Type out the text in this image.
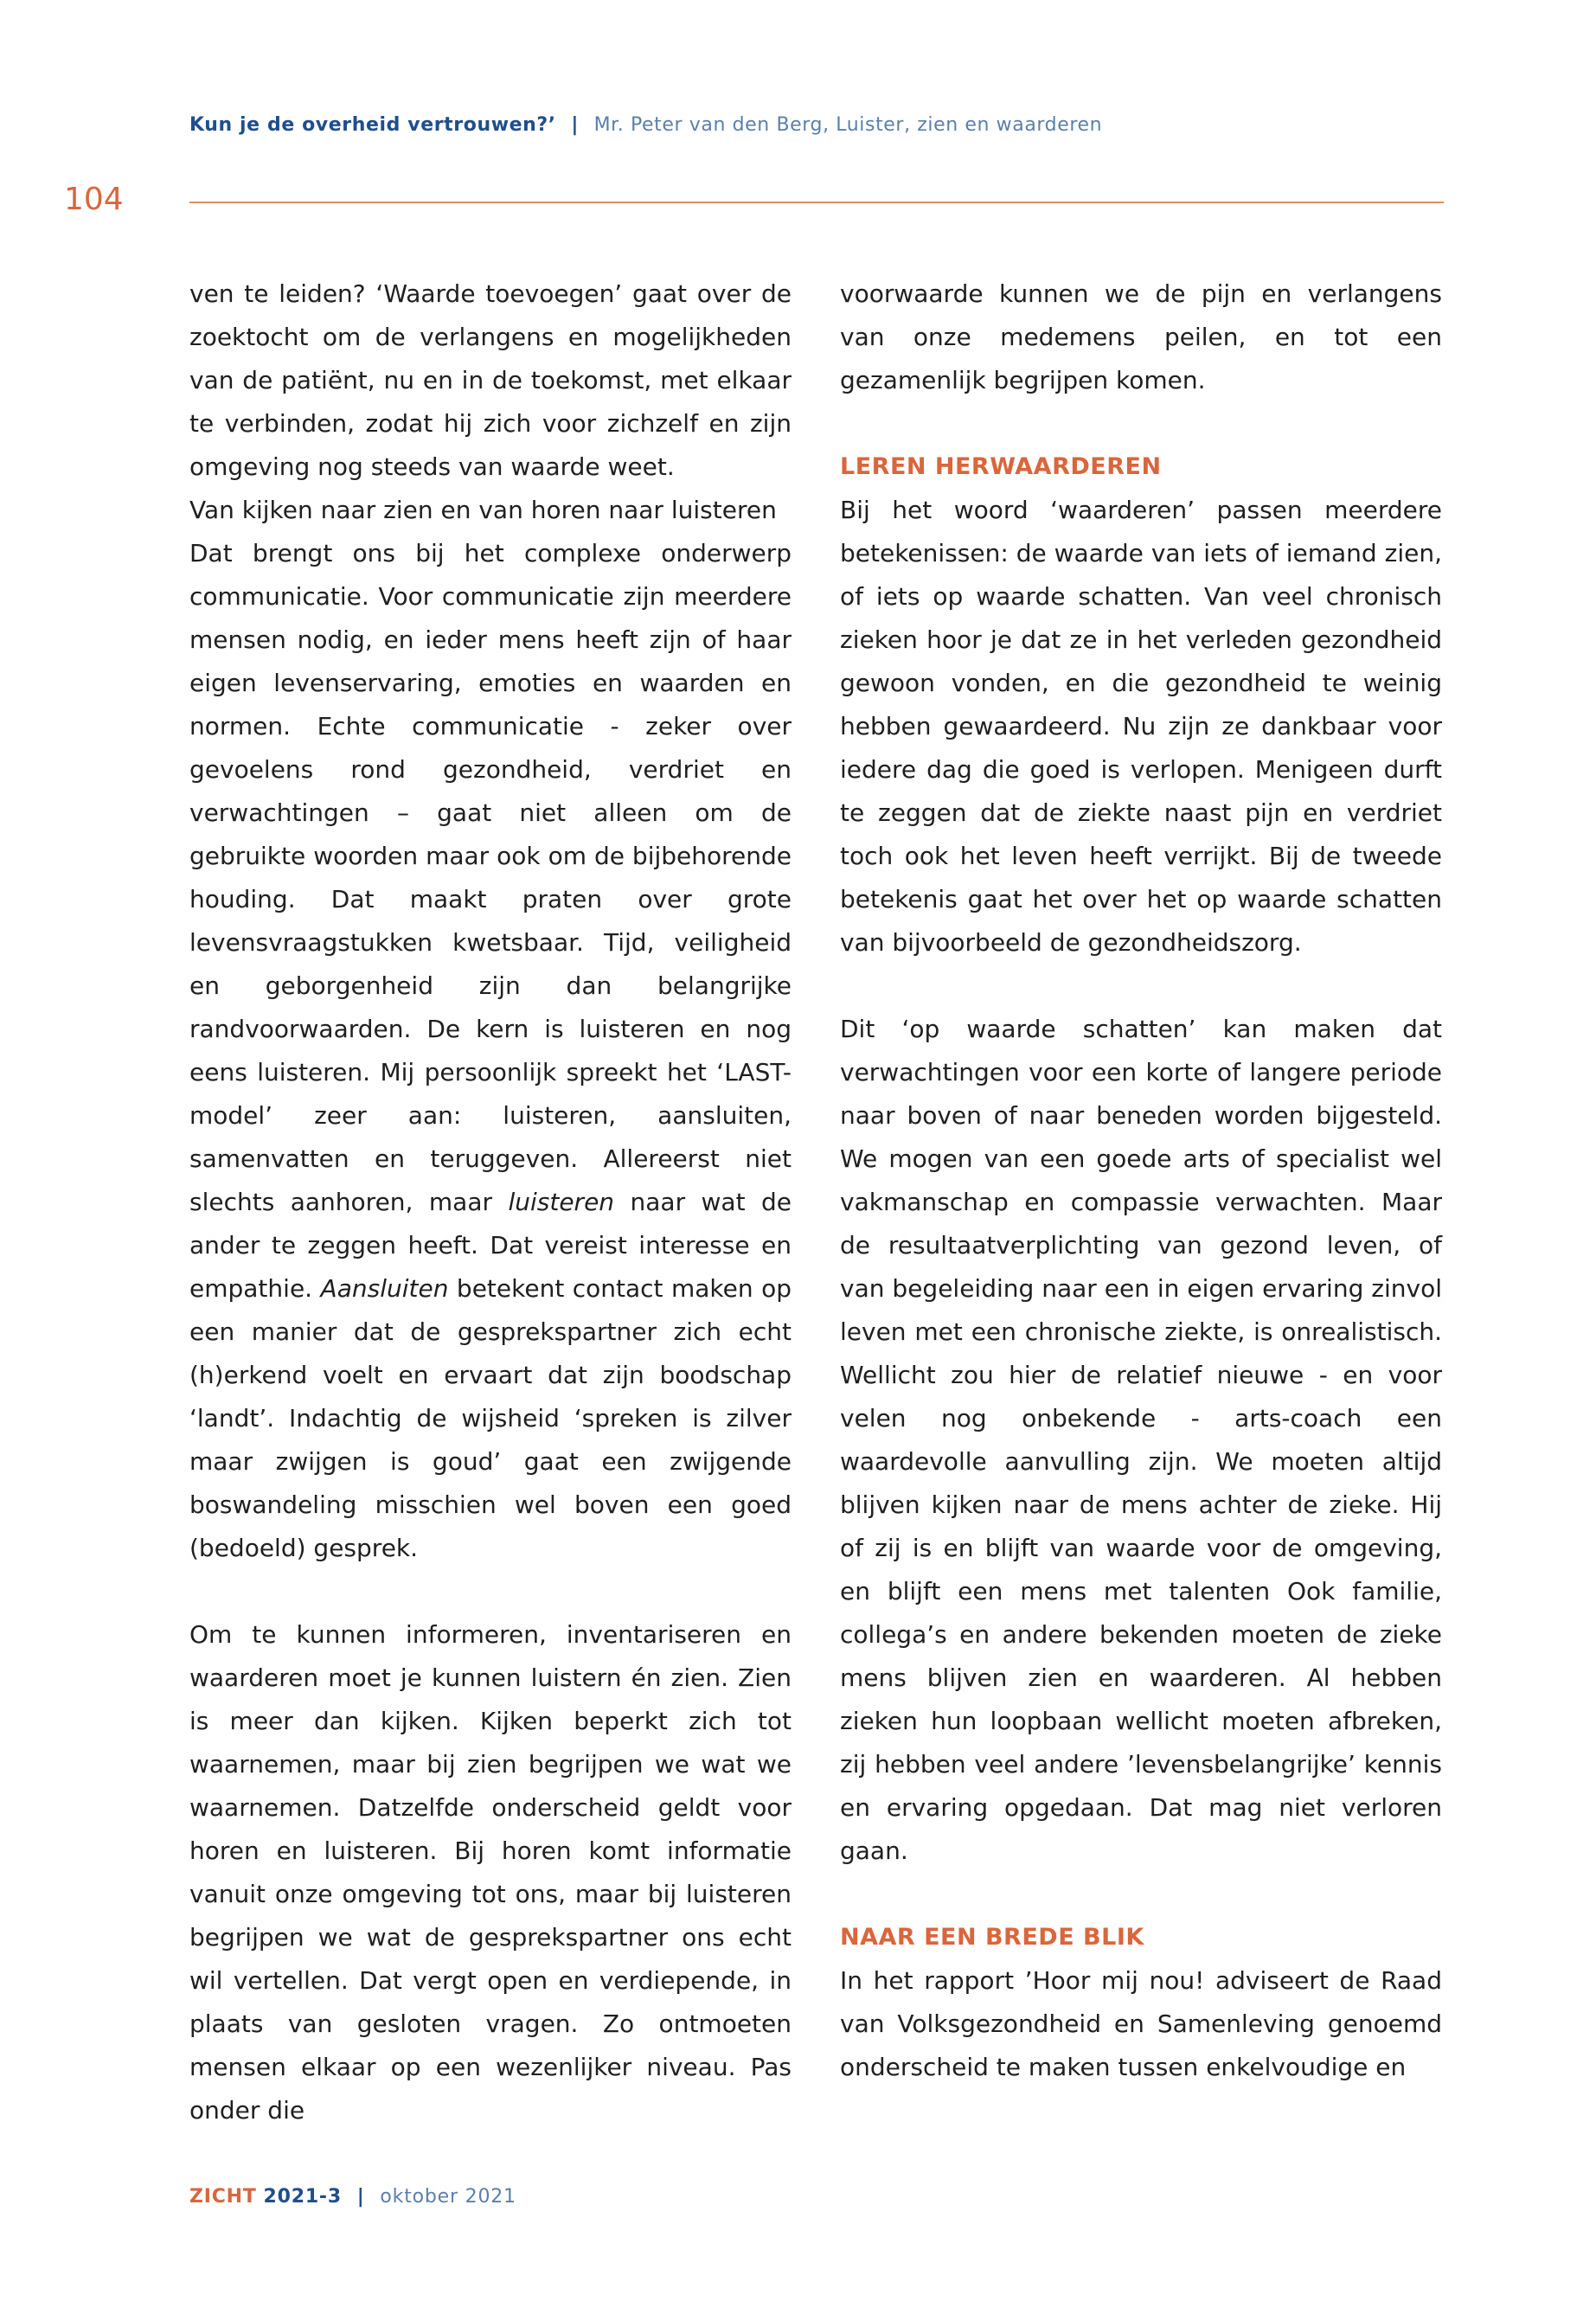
Kun je de overheid vertrouwen?’ | Mr. Peter van den Berg, Luister, zien en waarderen
104

ven te leiden? ‘Waarde toevoegen’ gaat over de zoektocht om de verlangens en mogelijkheden van de patiënt, nu en in de toekomst, met elkaar te verbinden, zodat hij zich voor zichzelf en zijn omgeving nog steeds van waarde weet.

Van kijken naar zien en van horen naar luisteren

Dat brengt ons bij het complexe onderwerp communicatie. Voor communicatie zijn meerdere mensen nodig, en ieder mens heeft zijn of haar eigen levenservaring, emoties en waarden en normen. Echte communicatie - zeker over gevoelens rond gezondheid, verdriet en verwachtingen – gaat niet alleen om de gebruikte woorden maar ook om de bijbehorende houding. Dat maakt praten over grote levensvraagstukken kwetsbaar. Tijd, veiligheid en geborgenheid zijn dan belangrijke randvoorwaarden. De kern is luisteren en nog eens luisteren. Mij persoonlijk spreekt het ‘LAST-model’ zeer aan: luisteren, aansluiten, samenvatten en teruggeven. Allereerst niet slechts aanhoren, maar luisteren naar wat de ander te zeggen heeft. Dat vereist interesse en empathie. Aansluiten betekent contact maken op een manier dat de gesprekspartner zich echt (h)erkend voelt en ervaart dat zijn boodschap ‘landt’. Indachtig de wijsheid ‘spreken is zilver maar zwijgen is goud’ gaat een zwijgende boswandeling misschien wel boven een goed (bedoeld) gesprek.

Om te kunnen informeren, inventariseren en waarderen moet je kunnen luistern én zien. Zien is meer dan kijken. Kijken beperkt zich tot waarnemen, maar bij zien begrijpen we wat we waarnemen. Datzelfde onderscheid geldt voor horen en luisteren. Bij horen komt informatie vanuit onze omgeving tot ons, maar bij luisteren begrijpen we wat de gesprekspartner ons echt wil vertellen. Dat vergt open en verdiepende, in plaats van gesloten vragen. Zo ontmoeten mensen elkaar op een wezenlijker niveau. Pas onder die

voorwaarde kunnen we de pijn en verlangens van onze medemens peilen, en tot een gezamenlijk begrijpen komen.

LEREN HERWAARDEREN

Bij het woord ‘waarderen’ passen meerdere betekenissen: de waarde van iets of iemand zien, of iets op waarde schatten. Van veel chronisch zieken hoor je dat ze in het verleden gezondheid gewoon vonden, en die gezondheid te weinig hebben gewaardeerd. Nu zijn ze dankbaar voor iedere dag die goed is verlopen. Menigeen durft te zeggen dat de ziekte naast pijn en verdriet toch ook het leven heeft verrijkt. Bij de tweede betekenis gaat het over het op waarde schatten van bijvoorbeeld de gezondheidszorg.

Dit ‘op waarde schatten’ kan maken dat verwachtingen voor een korte of langere periode naar boven of naar beneden worden bijgesteld. We mogen van een goede arts of specialist wel vakmanschap en compassie verwachten. Maar de resultaatverplichting van gezond leven, of van begeleiding naar een in eigen ervaring zinvol leven met een chronische ziekte, is onrealistisch. Wellicht zou hier de relatief nieuwe - en voor velen nog onbekende - arts-coach een waardevolle aanvulling zijn. We moeten altijd blijven kijken naar de mens achter de zieke. Hij of zij is en blijft van waarde voor de omgeving, en blijft een mens met talenten Ook familie, collega’s en andere bekenden moeten de zieke mens blijven zien en waarderen. Al hebben zieken hun loopbaan wellicht moeten afbreken, zij hebben veel andere ’levensbelangrijke’ kennis en ervaring opgedaan. Dat mag niet verloren gaan.

NAAR EEN BREDE BLIK

In het rapport ’Hoor mij nou! adviseert de Raad van Volksgezondheid en Samenleving genoemd onderscheid te maken tussen enkelvoudige en

ZICHT 2021-3 | oktober 2021
